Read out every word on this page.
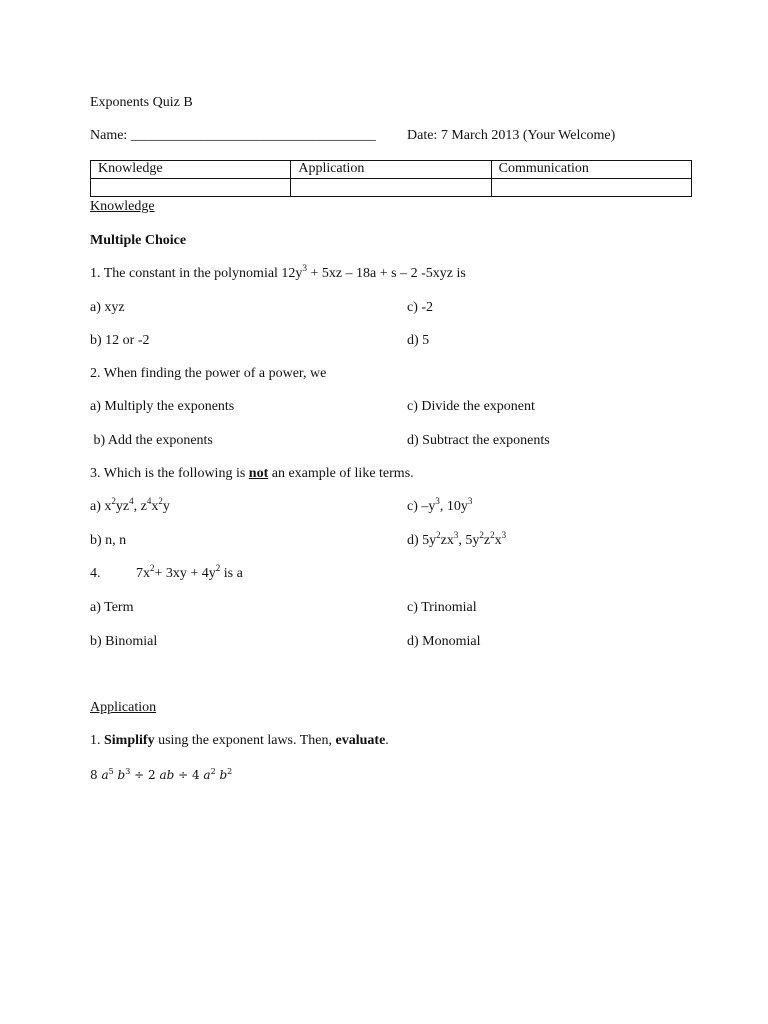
Exponents Quiz B
Name: ___________________________________ Date: 7 March 2013 (Your Welcome)
Knowledge	Application	Communication

Knowledge
Multiple Choice
1. The constant in the polynomial $12y^3 + 5xz - 18a + s - 2$ -5xyz is
a) xyz	c) -2
b) 12 or -2	d) 5
2. When finding the power of a power, we
a) Multiply the exponents	c) Divide the exponent
b) Add the exponents	d) Subtract the exponents
3. Which is the following is not an example of like terms.
a) $x^2yz^4$, $z^4x^2y$	c) $-y^3$, $10y^3$
b) n, n	d) $5y^2zx^3$, $5y^2z^2x^3$
4.	$7x^2+ 3xy + 4y^2$ is a
a) Term	c) Trinomial
b) Binomial	d) Monomial
Application
1. Simplify using the exponent laws. Then, evaluate.
8 $a^5$ $b^3 \div 2$ ab ÷ 4 $a^2$ $b^2$
